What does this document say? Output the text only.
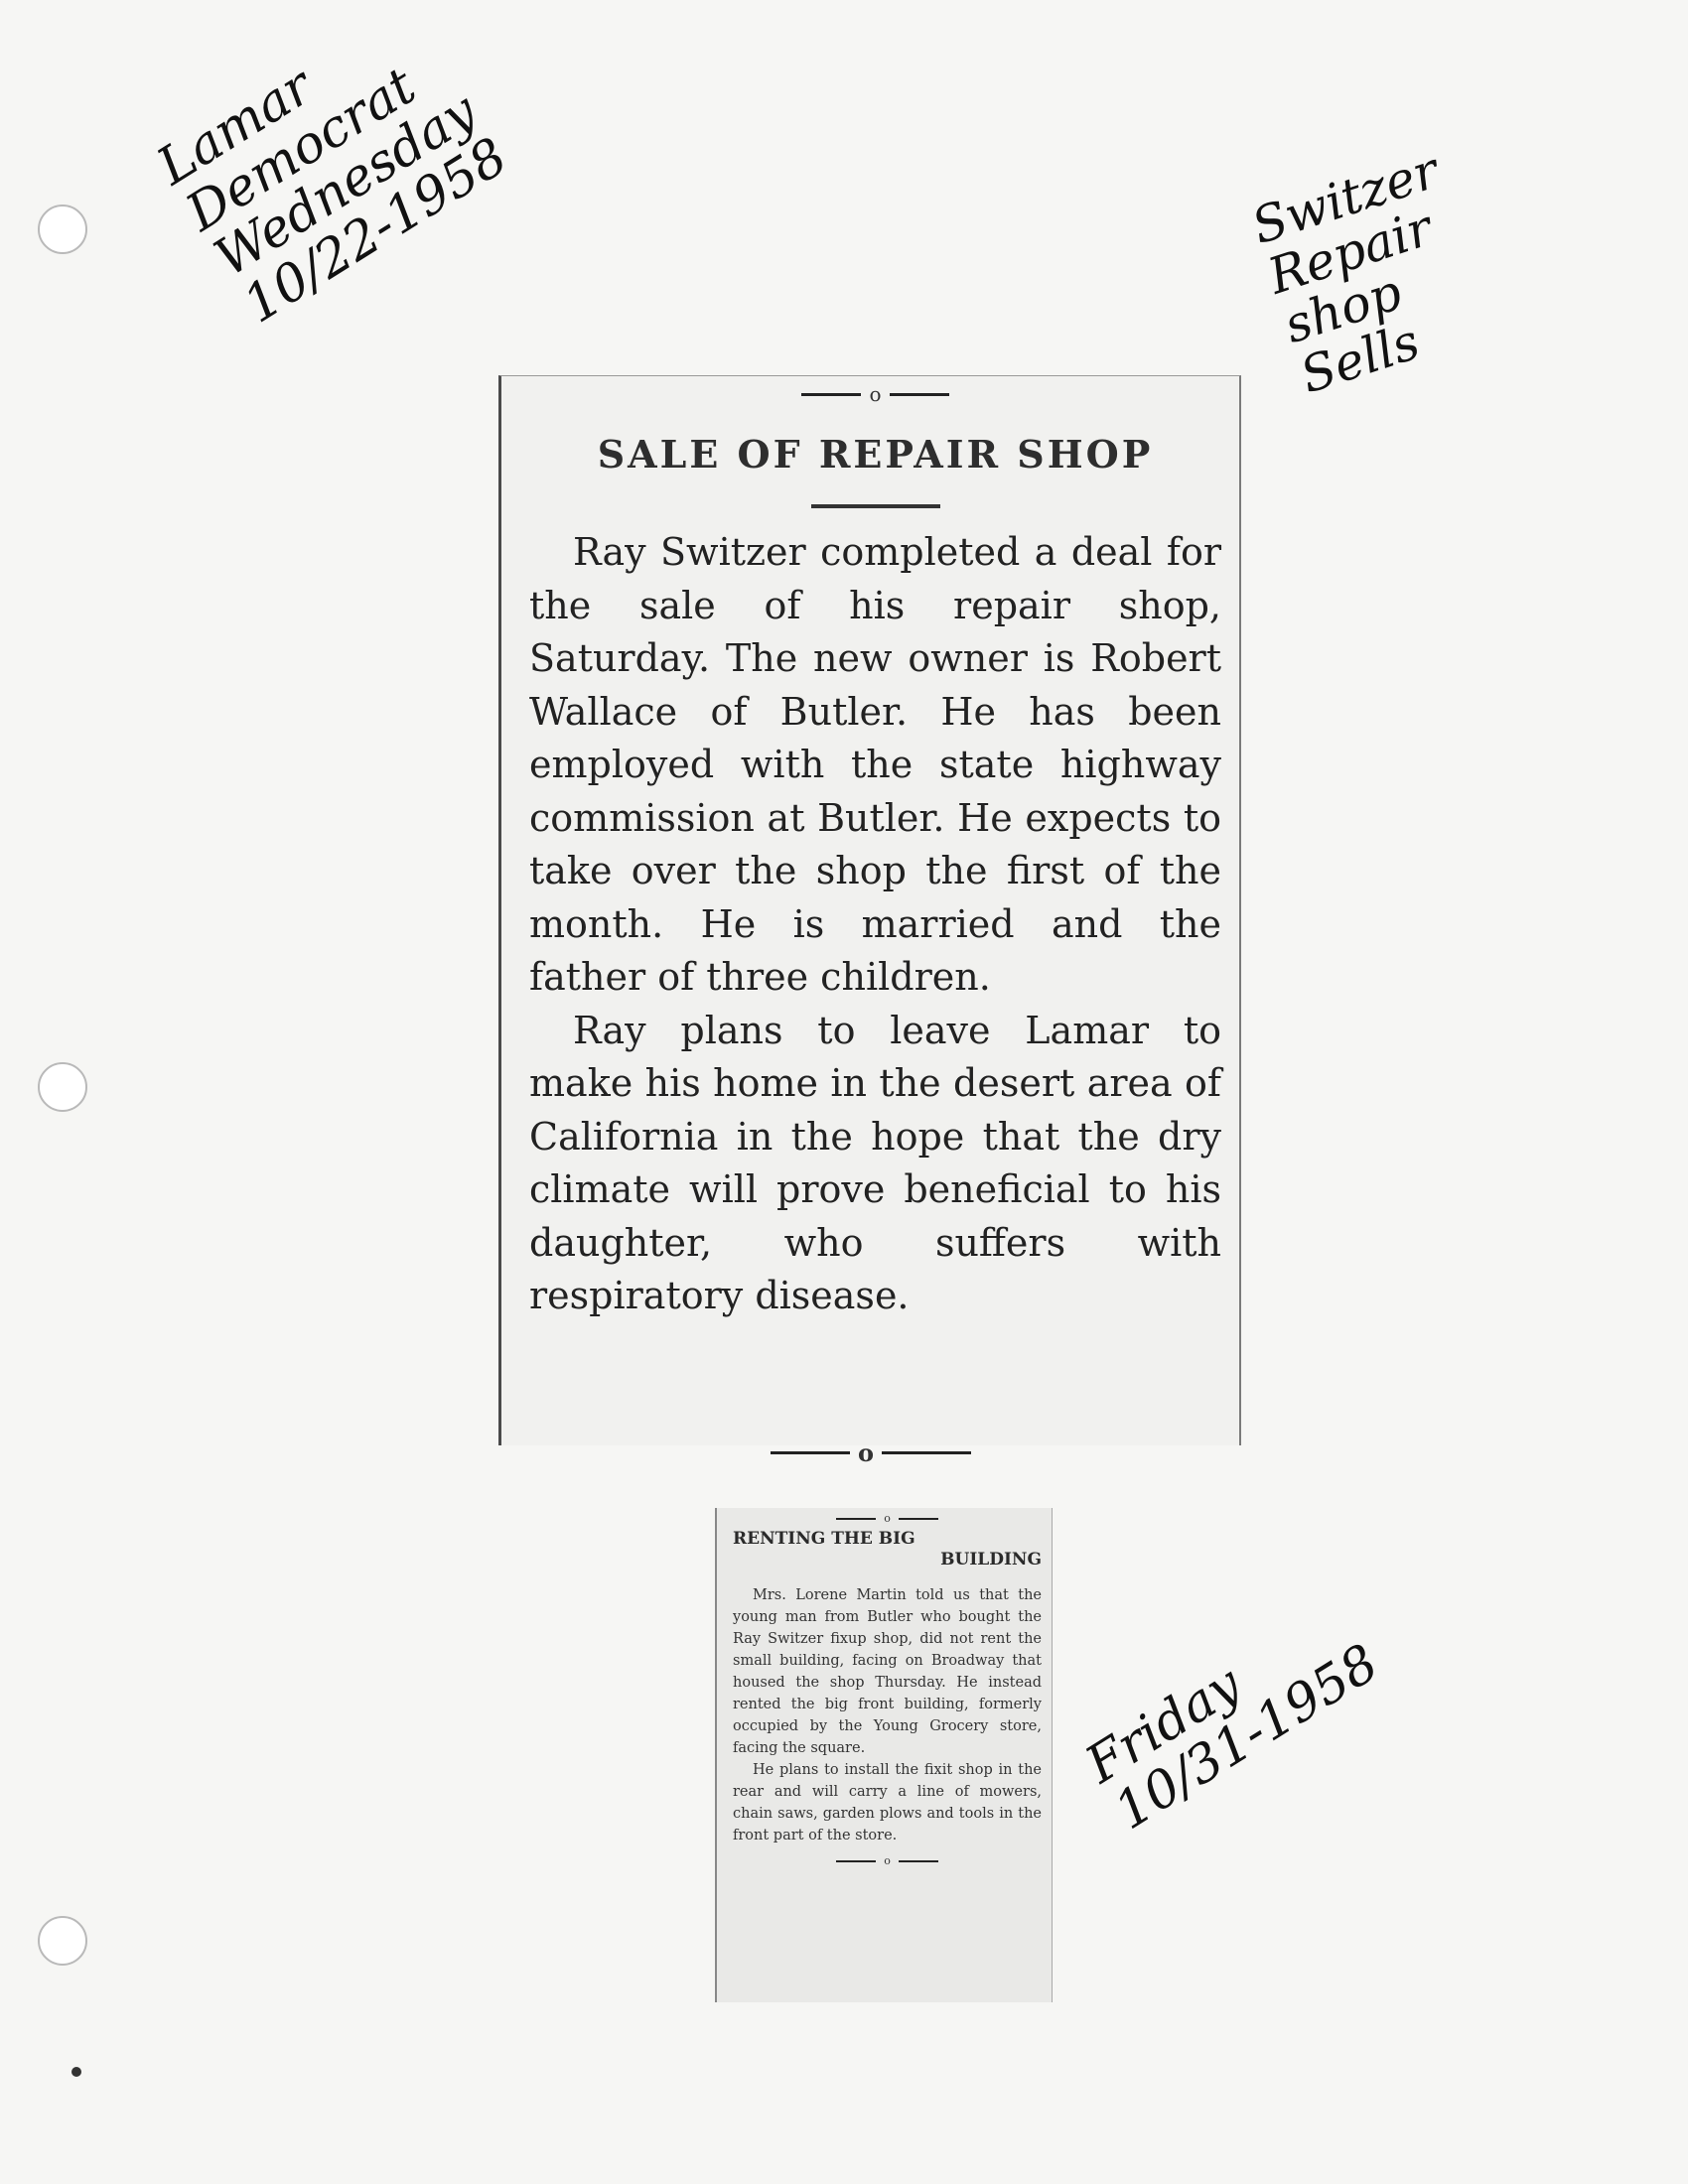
Lamar
Democrat
Wednesday
10/22-1958	Switzer
Repair
shop
Sells
Friday
10/31-1958
o
SALE OF REPAIR SHOP

Ray Switzer completed a deal for the sale of his repair shop, Saturday. The new owner is Robert Wallace of Butler. He has been employed with the state highway commission at Butler. He expects to take over the shop the first of the month. He is married and the father of three children.

Ray plans to leave Lamar to make his home in the desert area of California in the hope that the dry climate will prove beneficial to his daughter, who suffers with respiratory disease.

o
o
RENTING THE BIG
BUILDING

Mrs. Lorene Martin told us that the young man from Butler who bought the Ray Switzer fixup shop, did not rent the small building, facing on Broadway that housed the shop Thursday. He instead rented the big front building, formerly occupied by the Young Grocery store, facing the square.

He plans to install the fixit shop in the rear and will carry a line of mowers, chain saws, garden plows and tools in the front part of the store.

o
